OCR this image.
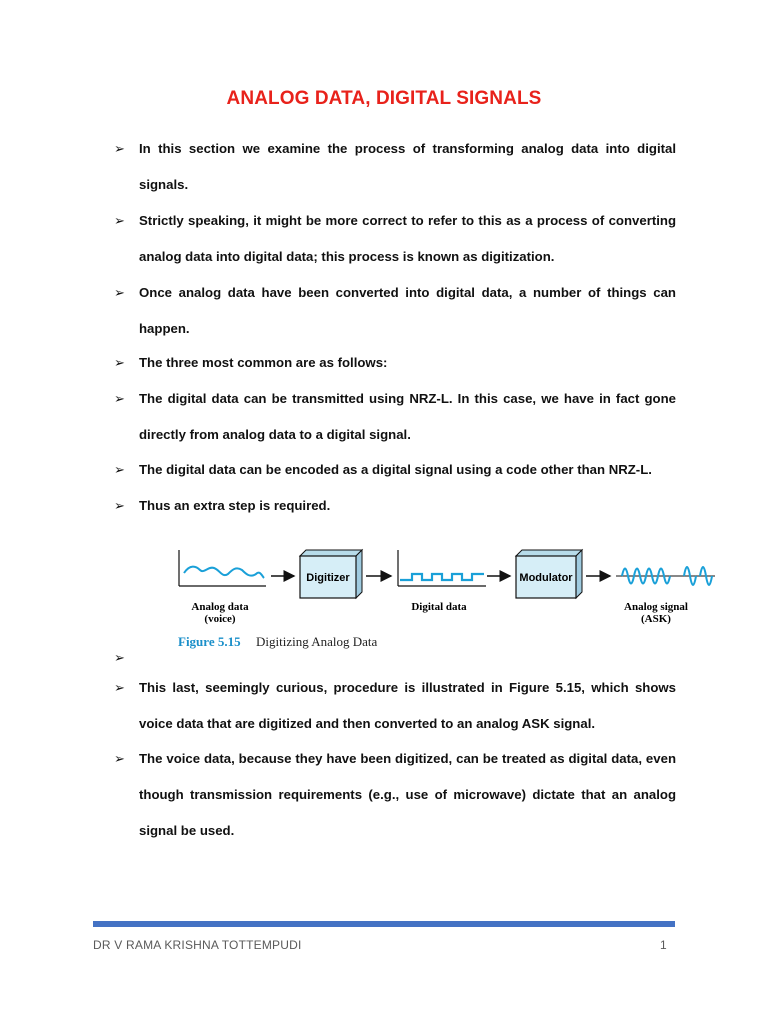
ANALOG DATA, DIGITAL SIGNALS
➢ In this section we examine the process of transforming analog data into digital signals.
➢ Strictly speaking, it might be more correct to refer to this as a process of converting analog data into digital data; this process is known as digitization.
➢ Once analog data have been converted into digital data, a number of things can happen.
➢ The three most common are as follows:
➢ The digital data can be transmitted using NRZ-L. In this case, we have in fact gone directly from analog data to a digital signal.
➢ The digital data can be encoded as a digital signal using a code other than NRZ-L.
➢ Thus an extra step is required.
Analog data
(voice)
Digitizer
Digital data
Modulator
Analog signal
(ASK)
Figure 5.15 Digitizing Analog Data
➢
➢ This last, seemingly curious, procedure is illustrated in Figure 5.15, which shows voice data that are digitized and then converted to an analog ASK signal.
➢ The voice data, because they have been digitized, can be treated as digital data, even though transmission requirements (e.g., use of microwave) dictate that an analog signal be used.
DR V RAMA KRISHNA TOTTEMPUDI	1
